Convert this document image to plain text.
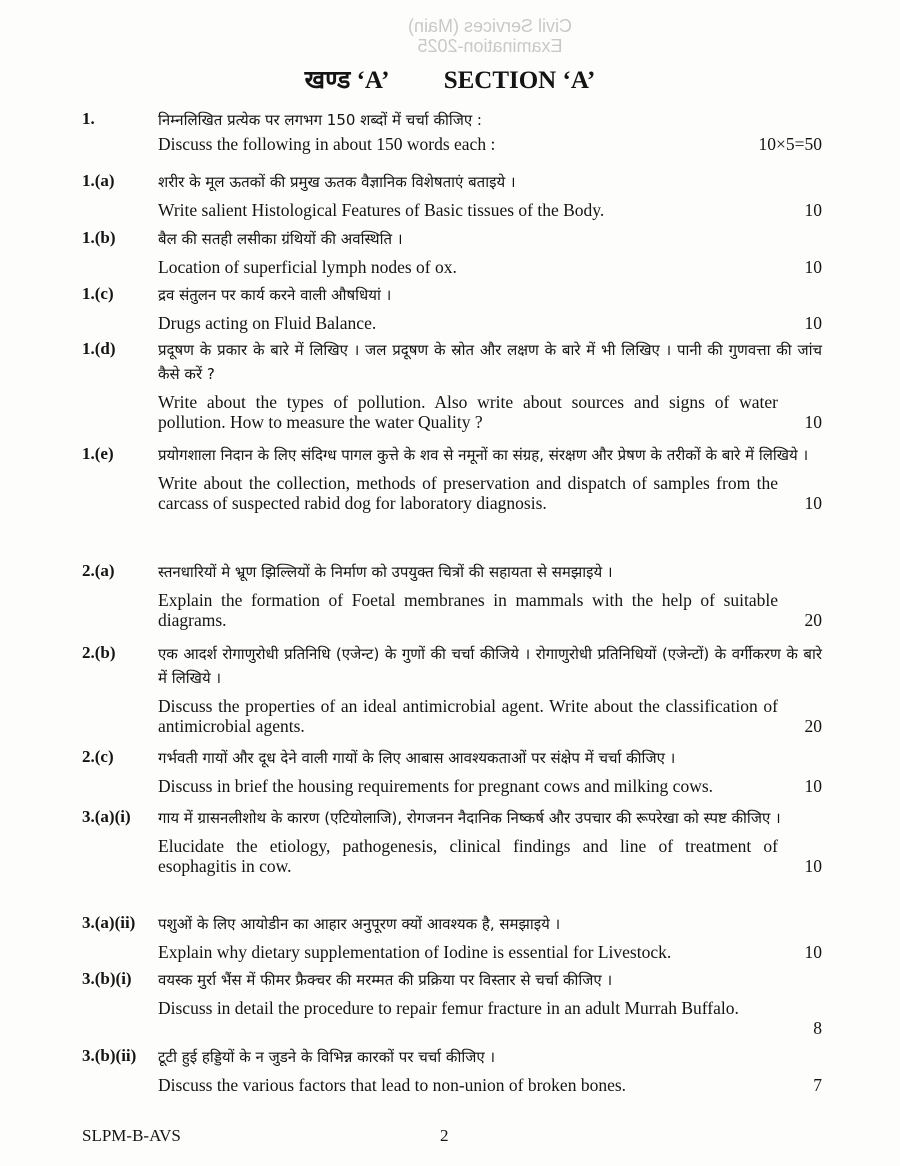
Civil Services (Main) Examination-2025
खण्ड ‘A’ SECTION ‘A’
1.	निम्नलिखित प्रत्येक पर लगभग 150 शब्दों में चर्चा कीजिए :
Discuss the following in about 150 words each :	10×5=50
1.(a)	शरीर के मूल ऊतकों की प्रमुख ऊतक वैज्ञानिक विशेषताएं बताइये ।
Write salient Histological Features of Basic tissues of the Body.	10
1.(b)	बैल की सतही लसीका ग्रंथियों की अवस्थिति ।
Location of superficial lymph nodes of ox.	10
1.(c)	द्रव संतुलन पर कार्य करने वाली औषधियां ।
Drugs acting on Fluid Balance.	10
1.(d)	प्रदूषण के प्रकार के बारे में लिखिए । जल प्रदूषण के स्रोत और लक्षण के बारे में भी लिखिए । पानी की गुणवत्ता की जांच कैसे करें ?
Write about the types of pollution. Also write about sources and signs of water pollution. How to measure the water Quality ?	10
1.(e)	प्रयोगशाला निदान के लिए संदिग्ध पागल कुत्ते के शव से नमूनों का संग्रह, संरक्षण और प्रेषण के तरीकों के बारे में लिखिये ।
Write about the collection, methods of preservation and dispatch of samples from the carcass of suspected rabid dog for laboratory diagnosis.	10
2.(a)	स्तनधारियों मे भ्रूण झिल्लियों के निर्माण को उपयुक्त चित्रों की सहायता से समझाइये ।
Explain the formation of Foetal membranes in mammals with the help of suitable diagrams.	20
2.(b)	एक आदर्श रोगाणुरोधी प्रतिनिधि (एजेन्ट) के गुणों की चर्चा कीजिये । रोगाणुरोधी प्रतिनिधियों (एजेन्टों) के वर्गीकरण के बारे में लिखिये ।
Discuss the properties of an ideal antimicrobial agent. Write about the classification of antimicrobial agents.	20
2.(c)	गर्भवती गायों और दूध देने वाली गायों के लिए आबास आवश्यकताओं पर संक्षेप में चर्चा कीजिए ।
Discuss in brief the housing requirements for pregnant cows and milking cows.	10
3.(a)(i)	गाय में ग्रासनलीशोथ के कारण (एटियोलाजि), रोगजनन नैदानिक निष्कर्ष और उपचार की रूपरेखा को स्पष्ट कीजिए ।
Elucidate the etiology, pathogenesis, clinical findings and line of treatment of esophagitis in cow.	10
3.(a)(ii)	पशुओं के लिए आयोडीन का आहार अनुपूरण क्यों आवश्यक है, समझाइये ।
Explain why dietary supplementation of Iodine is essential for Livestock.	10
3.(b)(i)	वयस्क मुर्रा भैंस में फीमर फ्रैक्चर की मरम्मत की प्रक्रिया पर विस्तार से चर्चा कीजिए ।
Discuss in detail the procedure to repair femur fracture in an adult Murrah Buffalo.
8
3.(b)(ii)	टूटी हुई हड्डियों के न जुडने के विभिन्न कारकों पर चर्चा कीजिए ।
Discuss the various factors that lead to non-union of broken bones.	7
SLPM-B-AVS	2
